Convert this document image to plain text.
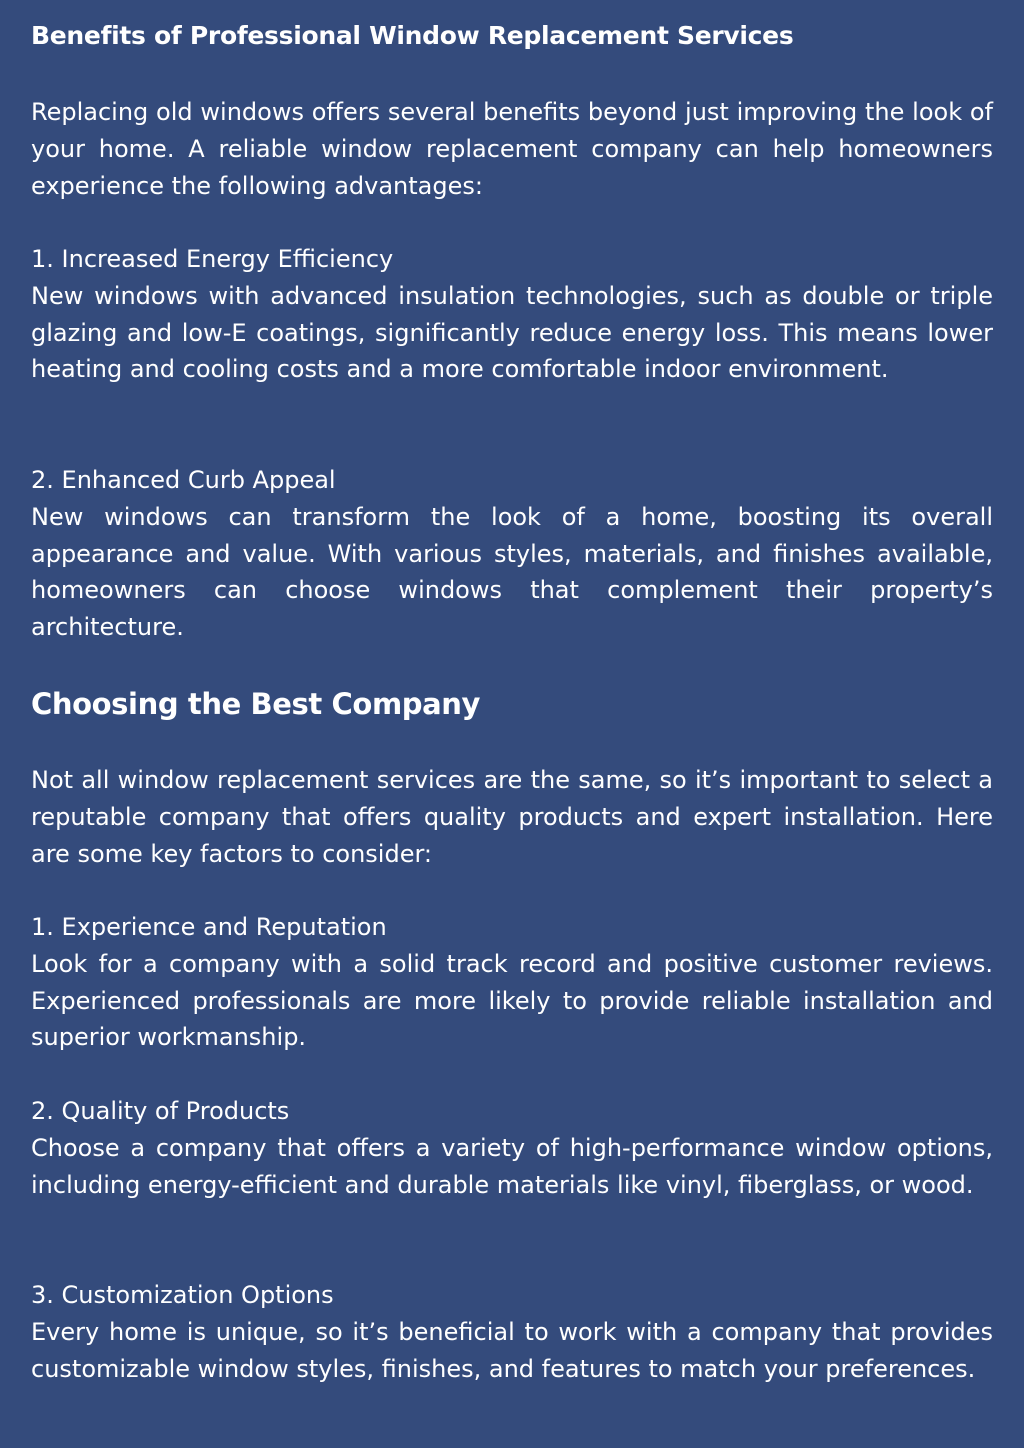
Benefits of Professional Window Replacement Services

Replacing old windows offers several benefits beyond just improving the look of your home. A reliable window replacement company can help homeowners experience the following advantages:

1. Increased Energy Efficiency
New windows with advanced insulation technologies, such as double or triple glazing and low-E coatings, significantly reduce energy loss. This means lower heating and cooling costs and a more comfortable indoor environment.
2. Enhanced Curb Appeal
New windows can transform the look of a home, boosting its overall appearance and value. With various styles, materials, and finishes available, homeowners can choose windows that complement their property’s architecture.
Choosing the Best Company

Not all window replacement services are the same, so it’s important to select a reputable company that offers quality products and expert installation. Here are some key factors to consider:

1. Experience and Reputation
Look for a company with a solid track record and positive customer reviews. Experienced professionals are more likely to provide reliable installation and superior workmanship.
2. Quality of Products
Choose a company that offers a variety of high-performance window options, including energy-efficient and durable materials like vinyl, fiberglass, or wood.
3. Customization Options
Every home is unique, so it’s beneficial to work with a company that provides customizable window styles, finishes, and features to match your preferences.
